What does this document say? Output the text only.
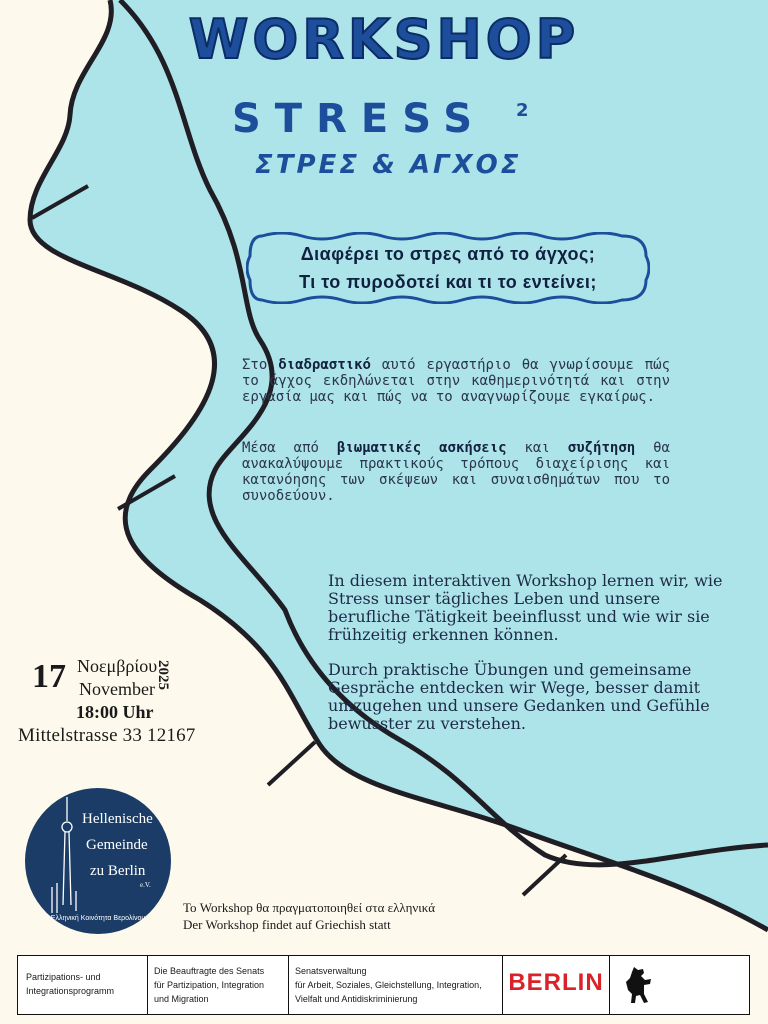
WORKSHOP
STRESS 2
ΣΤΡΕΣ & ΑΓΧΟΣ
Διαφέρει το στρες από το άγχος;
Τι το πυροδοτεί και τι το εντείνει;
Στο διαδραστικό αυτό εργαστήριο θα γνωρίσουμε πώς το άγχος εκδηλώνεται στην καθημερινότητά και στην εργασία μας και πώς να το αναγνωρίζουμε εγκαίρως.
Μέσα από βιωματικές ασκήσεις και συζήτηση θα ανακαλύψουμε πρακτικούς τρόπους διαχείρισης και κατανόησης των σκέψεων και συναισθημάτων που το συνοδεύουν.
In diesem interaktiven Workshop lernen wir, wie Stress unser tägliches Leben und unsere berufliche Tätigkeit beeinflusst und wie wir sie frühzeitig erkennen können.
Durch praktische Übungen und gemeinsame Gespräche entdecken wir Wege, besser damit umzugehen und unsere Gedanken und Gefühle bewusster zu verstehen.
17 Νοεμβρίου
November 2025
18:00 Uhr
Mittelstrasse 33 12167
Hellenische
Gemeinde
zu Berlin
e.V.
Ελληνική Κοινότητα Βερολίνου
Το Workshop θα πραγματοποιηθεί στα ελληνικά
Der Workshop findet auf Griechish statt
Partizipations- und
Integrationsprogramm
Die Beauftragte des Senats
für Partizipation, Integration
und Migration
Senatsverwaltung
für Arbeit, Soziales, Gleichstellung, Integration,
Vielfalt und Antidiskriminierung
BERLIN
